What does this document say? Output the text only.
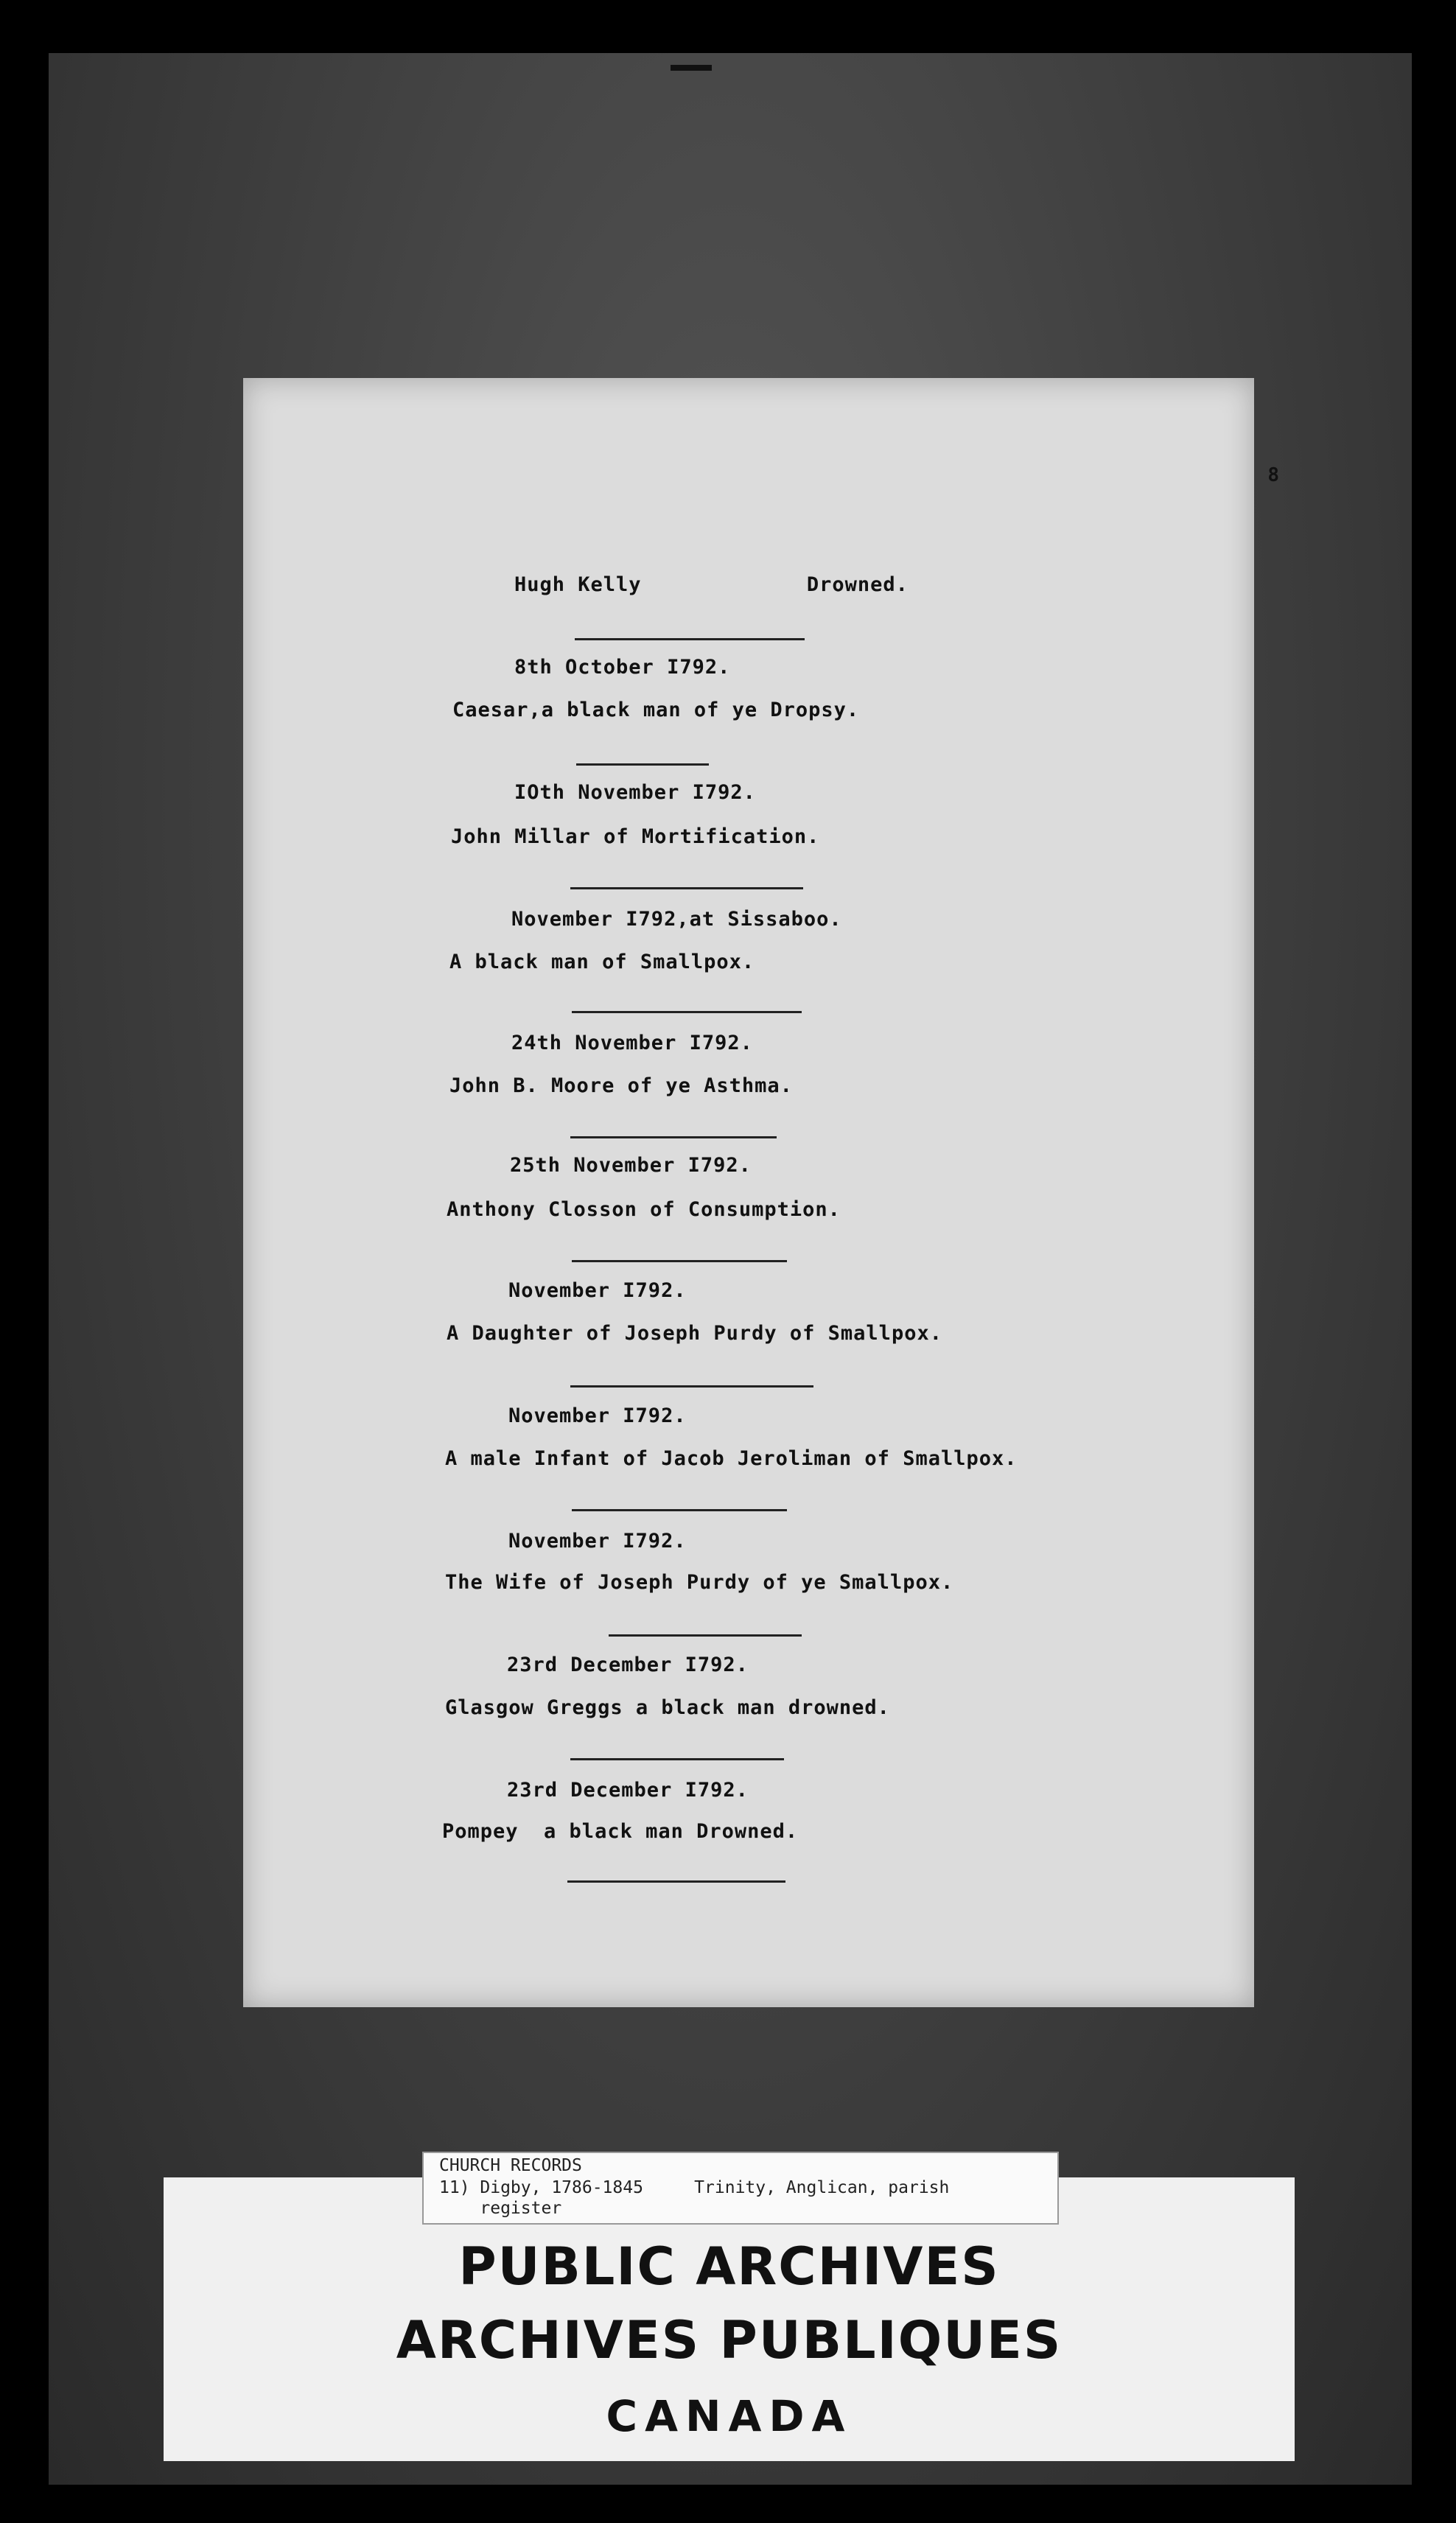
8
Hugh Kelly             Drowned.
8th October I792.
Caesar,a black man of ye Dropsy.
IOth November I792.
John Millar of Mortification.
November I792,at Sissaboo.
A black man of Smallpox.
24th November I792.
John B. Moore of ye Asthma.
25th November I792.
Anthony Closson of Consumption.
November I792.
A Daughter of Joseph Purdy of Smallpox.
November I792.
A male Infant of Jacob Jeroliman of Smallpox.
November I792.
The Wife of Joseph Purdy of ye Smallpox.
23rd December I792.
Glasgow Greggs a black man drowned.
23rd December I792.
Pompey  a black man Drowned.
CHURCH RECORDS
11) Digby, 1786-1845     Trinity, Anglican, parish
register
PUBLIC ARCHIVES
ARCHIVES PUBLIQUES
CANADA
